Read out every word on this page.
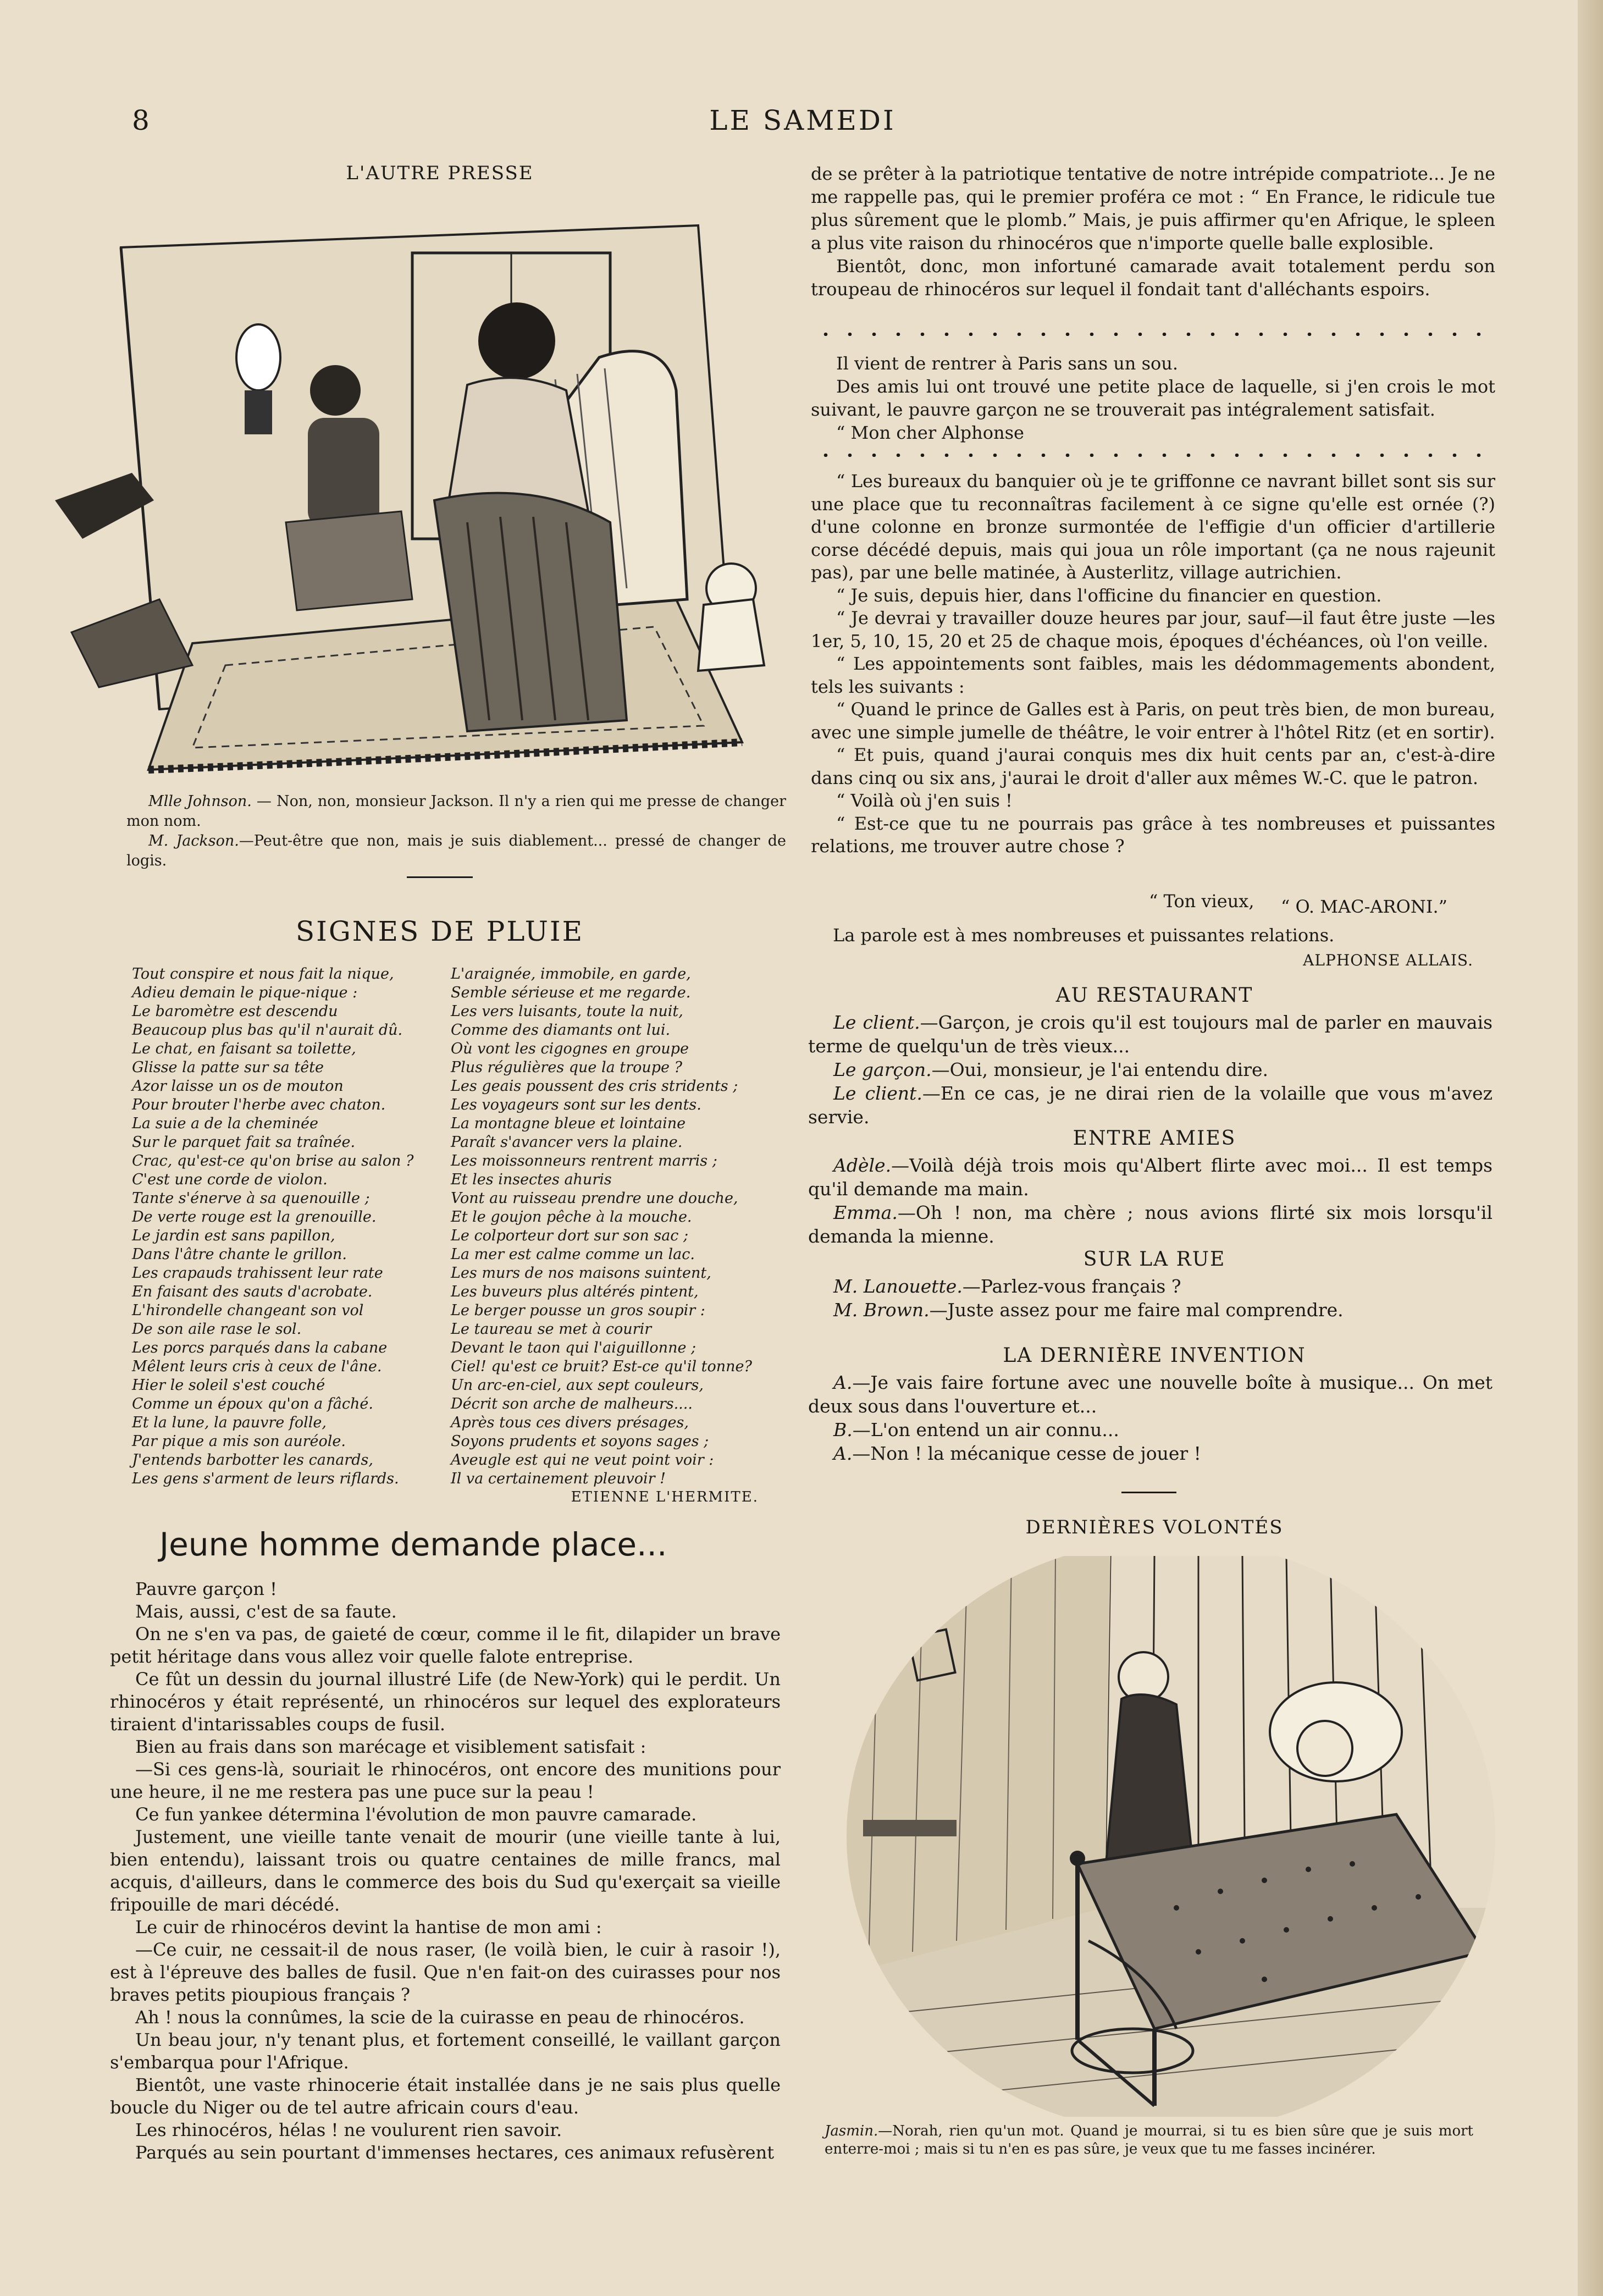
8	LE SAMEDI
L'AUTRE PRESSE

Mlle Johnson. — Non, non, monsieur Jackson. Il n'y a rien qui me presse de changer mon nom.

M. Jackson.—Peut-être que non, mais je suis diablement... pressé de changer de logis.

SIGNES DE PLUIE
Tout conspire et nous fait la nique,
Adieu demain le pique-nique :
Le baromètre est descendu
Beaucoup plus bas qu'il n'aurait dû.
Le chat, en faisant sa toilette,
Glisse la patte sur sa tête
Azor laisse un os de mouton
Pour brouter l'herbe avec chaton.
La suie a de la cheminée
Sur le parquet fait sa traînée.
Crac, qu'est-ce qu'on brise au salon ?
C'est une corde de violon.
Tante s'énerve à sa quenouille ;
De verte rouge est la grenouille.
Le jardin est sans papillon,
Dans l'âtre chante le grillon.
Les crapauds trahissent leur rate
En faisant des sauts d'acrobate.
L'hirondelle changeant son vol
De son aile rase le sol.
Les porcs parqués dans la cabane
Mêlent leurs cris à ceux de l'âne.
Hier le soleil s'est couché
Comme un époux qu'on a fâché.
Et la lune, la pauvre folle,
Par pique a mis son auréole.
J'entends barbotter les canards,
Les gens s'arment de leurs riflards.
L'araignée, immobile, en garde,
Semble sérieuse et me regarde.
Les vers luisants, toute la nuit,
Comme des diamants ont lui.
Où vont les cigognes en groupe
Plus régulières que la troupe ?
Les geais poussent des cris stridents ;
Les voyageurs sont sur les dents.
La montagne bleue et lointaine
Paraît s'avancer vers la plaine.
Les moissonneurs rentrent marris ;
Et les insectes ahuris
Vont au ruisseau prendre une douche,
Et le goujon pêche à la mouche.
Le colporteur dort sur son sac ;
La mer est calme comme un lac.
Les murs de nos maisons suintent,
Les buveurs plus altérés pintent,
Le berger pousse un gros soupir :
Le taureau se met à courir
Devant le taon qui l'aiguillonne ;
Ciel! qu'est ce bruit? Est-ce qu'il tonne?
Un arc-en-ciel, aux sept couleurs,
Décrit son arche de malheurs....
Après tous ces divers présages,
Soyons prudents et soyons sages ;
Aveugle est qui ne veut point voir :
Il va certainement pleuvoir !
ETIENNE L'HERMITE.
Jeune homme demande place...

Pauvre garçon !

Mais, aussi, c'est de sa faute.

On ne s'en va pas, de gaieté de cœur, comme il le fit, dilapider un brave petit héritage dans vous allez voir quelle falote entreprise.

Ce fût un dessin du journal illustré Life (de New-York) qui le perdit. Un rhinocéros y était représenté, un rhinocéros sur lequel des explorateurs tiraient d'intarissables coups de fusil.

Bien au frais dans son marécage et visiblement satisfait :

—Si ces gens-là, souriait le rhinocéros, ont encore des munitions pour une heure, il ne me restera pas une puce sur la peau !

Ce fun yankee détermina l'évolution de mon pauvre camarade.

Justement, une vieille tante venait de mourir (une vieille tante à lui, bien entendu), laissant trois ou quatre centaines de mille francs, mal acquis, d'ailleurs, dans le commerce des bois du Sud qu'exerçait sa vieille fripouille de mari décédé.

Le cuir de rhinocéros devint la hantise de mon ami :

—Ce cuir, ne cessait-il de nous raser, (le voilà bien, le cuir à rasoir !), est à l'épreuve des balles de fusil. Que n'en fait-on des cuirasses pour nos braves petits pioupious français ?

Ah ! nous la connûmes, la scie de la cuirasse en peau de rhinocéros.

Un beau jour, n'y tenant plus, et fortement conseillé, le vaillant garçon s'embarqua pour l'Afrique.

Bientôt, une vaste rhinocerie était installée dans je ne sais plus quelle boucle du Niger ou de tel autre africain cours d'eau.

Les rhinocéros, hélas ! ne voulurent rien savoir.

Parqués au sein pourtant d'immenses hectares, ces animaux refusèrent

de se prêter à la patriotique tentative de notre intrépide compatriote... Je ne me rappelle pas, qui le premier proféra ce mot : “ En France, le ridicule tue plus sûrement que le plomb.” Mais, je puis affirmer qu'en Afrique, le spleen a plus vite raison du rhinocéros que n'importe quelle balle explosible.

Bientôt, donc, mon infortuné camarade avait totalement perdu son troupeau de rhinocéros sur lequel il fondait tant d'alléchants espoirs.

Il vient de rentrer à Paris sans un sou.

Des amis lui ont trouvé une petite place de laquelle, si j'en crois le mot suivant, le pauvre garçon ne se trouverait pas intégralement satisfait.

“ Mon cher Alphonse

“ Les bureaux du banquier où je te griffonne ce navrant billet sont sis sur une place que tu reconnaîtras facilement à ce signe qu'elle est ornée (?) d'une colonne en bronze surmontée de l'effigie d'un officier d'artillerie corse décédé depuis, mais qui joua un rôle important (ça ne nous rajeunit pas), par une belle matinée, à Austerlitz, village autrichien.

“ Je suis, depuis hier, dans l'officine du financier en question.

“ Je devrai y travailler douze heures par jour, sauf—il faut être juste —les 1er, 5, 10, 15, 20 et 25 de chaque mois, époques d'échéances, où l'on veille.

“ Les appointements sont faibles, mais les dédommagements abondent, tels les suivants :

“ Quand le prince de Galles est à Paris, on peut très bien, de mon bureau, avec une simple jumelle de théâtre, le voir entrer à l'hôtel Ritz (et en sortir).

“ Et puis, quand j'aurai conquis mes dix huit cents par an, c'est-à-dire dans cinq ou six ans, j'aurai le droit d'aller aux mêmes W.-C. que le patron.

“ Voilà où j'en suis !

“ Est-ce que tu ne pourrais pas grâce à tes nombreuses et puissantes relations, me trouver autre chose ?

“ Ton vieux, “ O. MAC-ARONI.”
La parole est à mes nombreuses et puissantes relations.
ALPHONSE ALLAIS.
AU RESTAURANT

Le client.—Garçon, je crois qu'il est toujours mal de parler en mauvais terme de quelqu'un de très vieux...

Le garçon.—Oui, monsieur, je l'ai entendu dire.

Le client.—En ce cas, je ne dirai rien de la volaille que vous m'avez servie.

ENTRE AMIES

Adèle.—Voilà déjà trois mois qu'Albert flirte avec moi... Il est temps qu'il demande ma main.

Emma.—Oh ! non, ma chère ; nous avions flirté six mois lorsqu'il demanda la mienne.

SUR LA RUE

M. Lanouette.—Parlez-vous français ?

M. Brown.—Juste assez pour me faire mal comprendre.

LA DERNIÈRE INVENTION

A.—Je vais faire fortune avec une nouvelle boîte à musique... On met deux sous dans l'ouverture et...

B.—L'on entend un air connu...

A.—Non ! la mécanique cesse de jouer !

DERNIÈRES VOLONTÉS

Jasmin.—Norah, rien qu'un mot. Quand je mourrai, si tu es bien sûre que je suis mort enterre-moi ; mais si tu n'en es pas sûre, je veux que tu me fasses incinérer.
